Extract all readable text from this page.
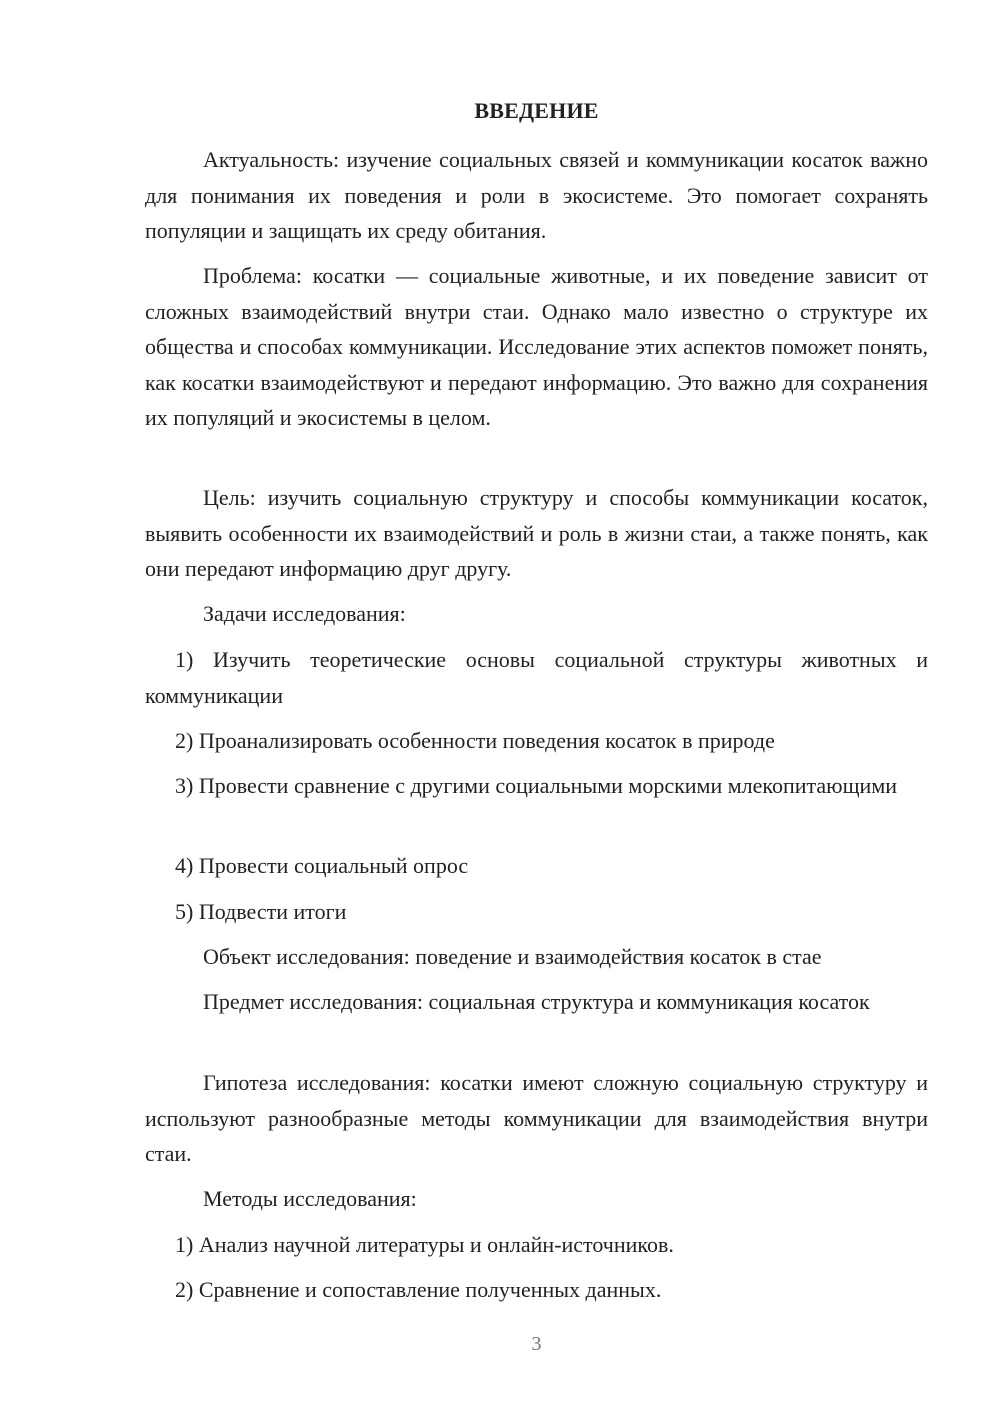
ВВЕДЕНИЕ

Актуальность: изучение социальных связей и коммуникации косаток важно для понимания их поведения и роли в экосистеме. Это помогает сохранять популяции и защищать их среду обитания.

Проблема: косатки — социальные животные, и их поведение зависит от сложных взаимодействий внутри стаи. Однако мало известно о структуре их общества и способах коммуникации. Исследование этих аспектов поможет понять, как косатки взаимодействуют и передают информацию. Это важно для сохранения их популяций и экосистемы в целом.

Цель: изучить социальную структуру и способы коммуникации косаток, выявить особенности их взаимодействий и роль в жизни стаи, а также понять, как они передают информацию друг другу.

Задачи исследования:

1) Изучить теоретические основы социальной структуры животных и коммуникации

2) Проанализировать особенности поведения косаток в природе

3) Провести сравнение с другими социальными морскими млекопитающими

4) Провести социальный опрос

5) Подвести итоги

Объект исследования: поведение и взаимодействия косаток в стае

Предмет исследования: социальная структура и коммуникация косаток

Гипотеза исследования: косатки имеют сложную социальную структуру и используют разнообразные методы коммуникации для взаимодействия внутри стаи.

Методы исследования:

1) Анализ научной литературы и онлайн-источников.

2) Сравнение и сопоставление полученных данных.

3
